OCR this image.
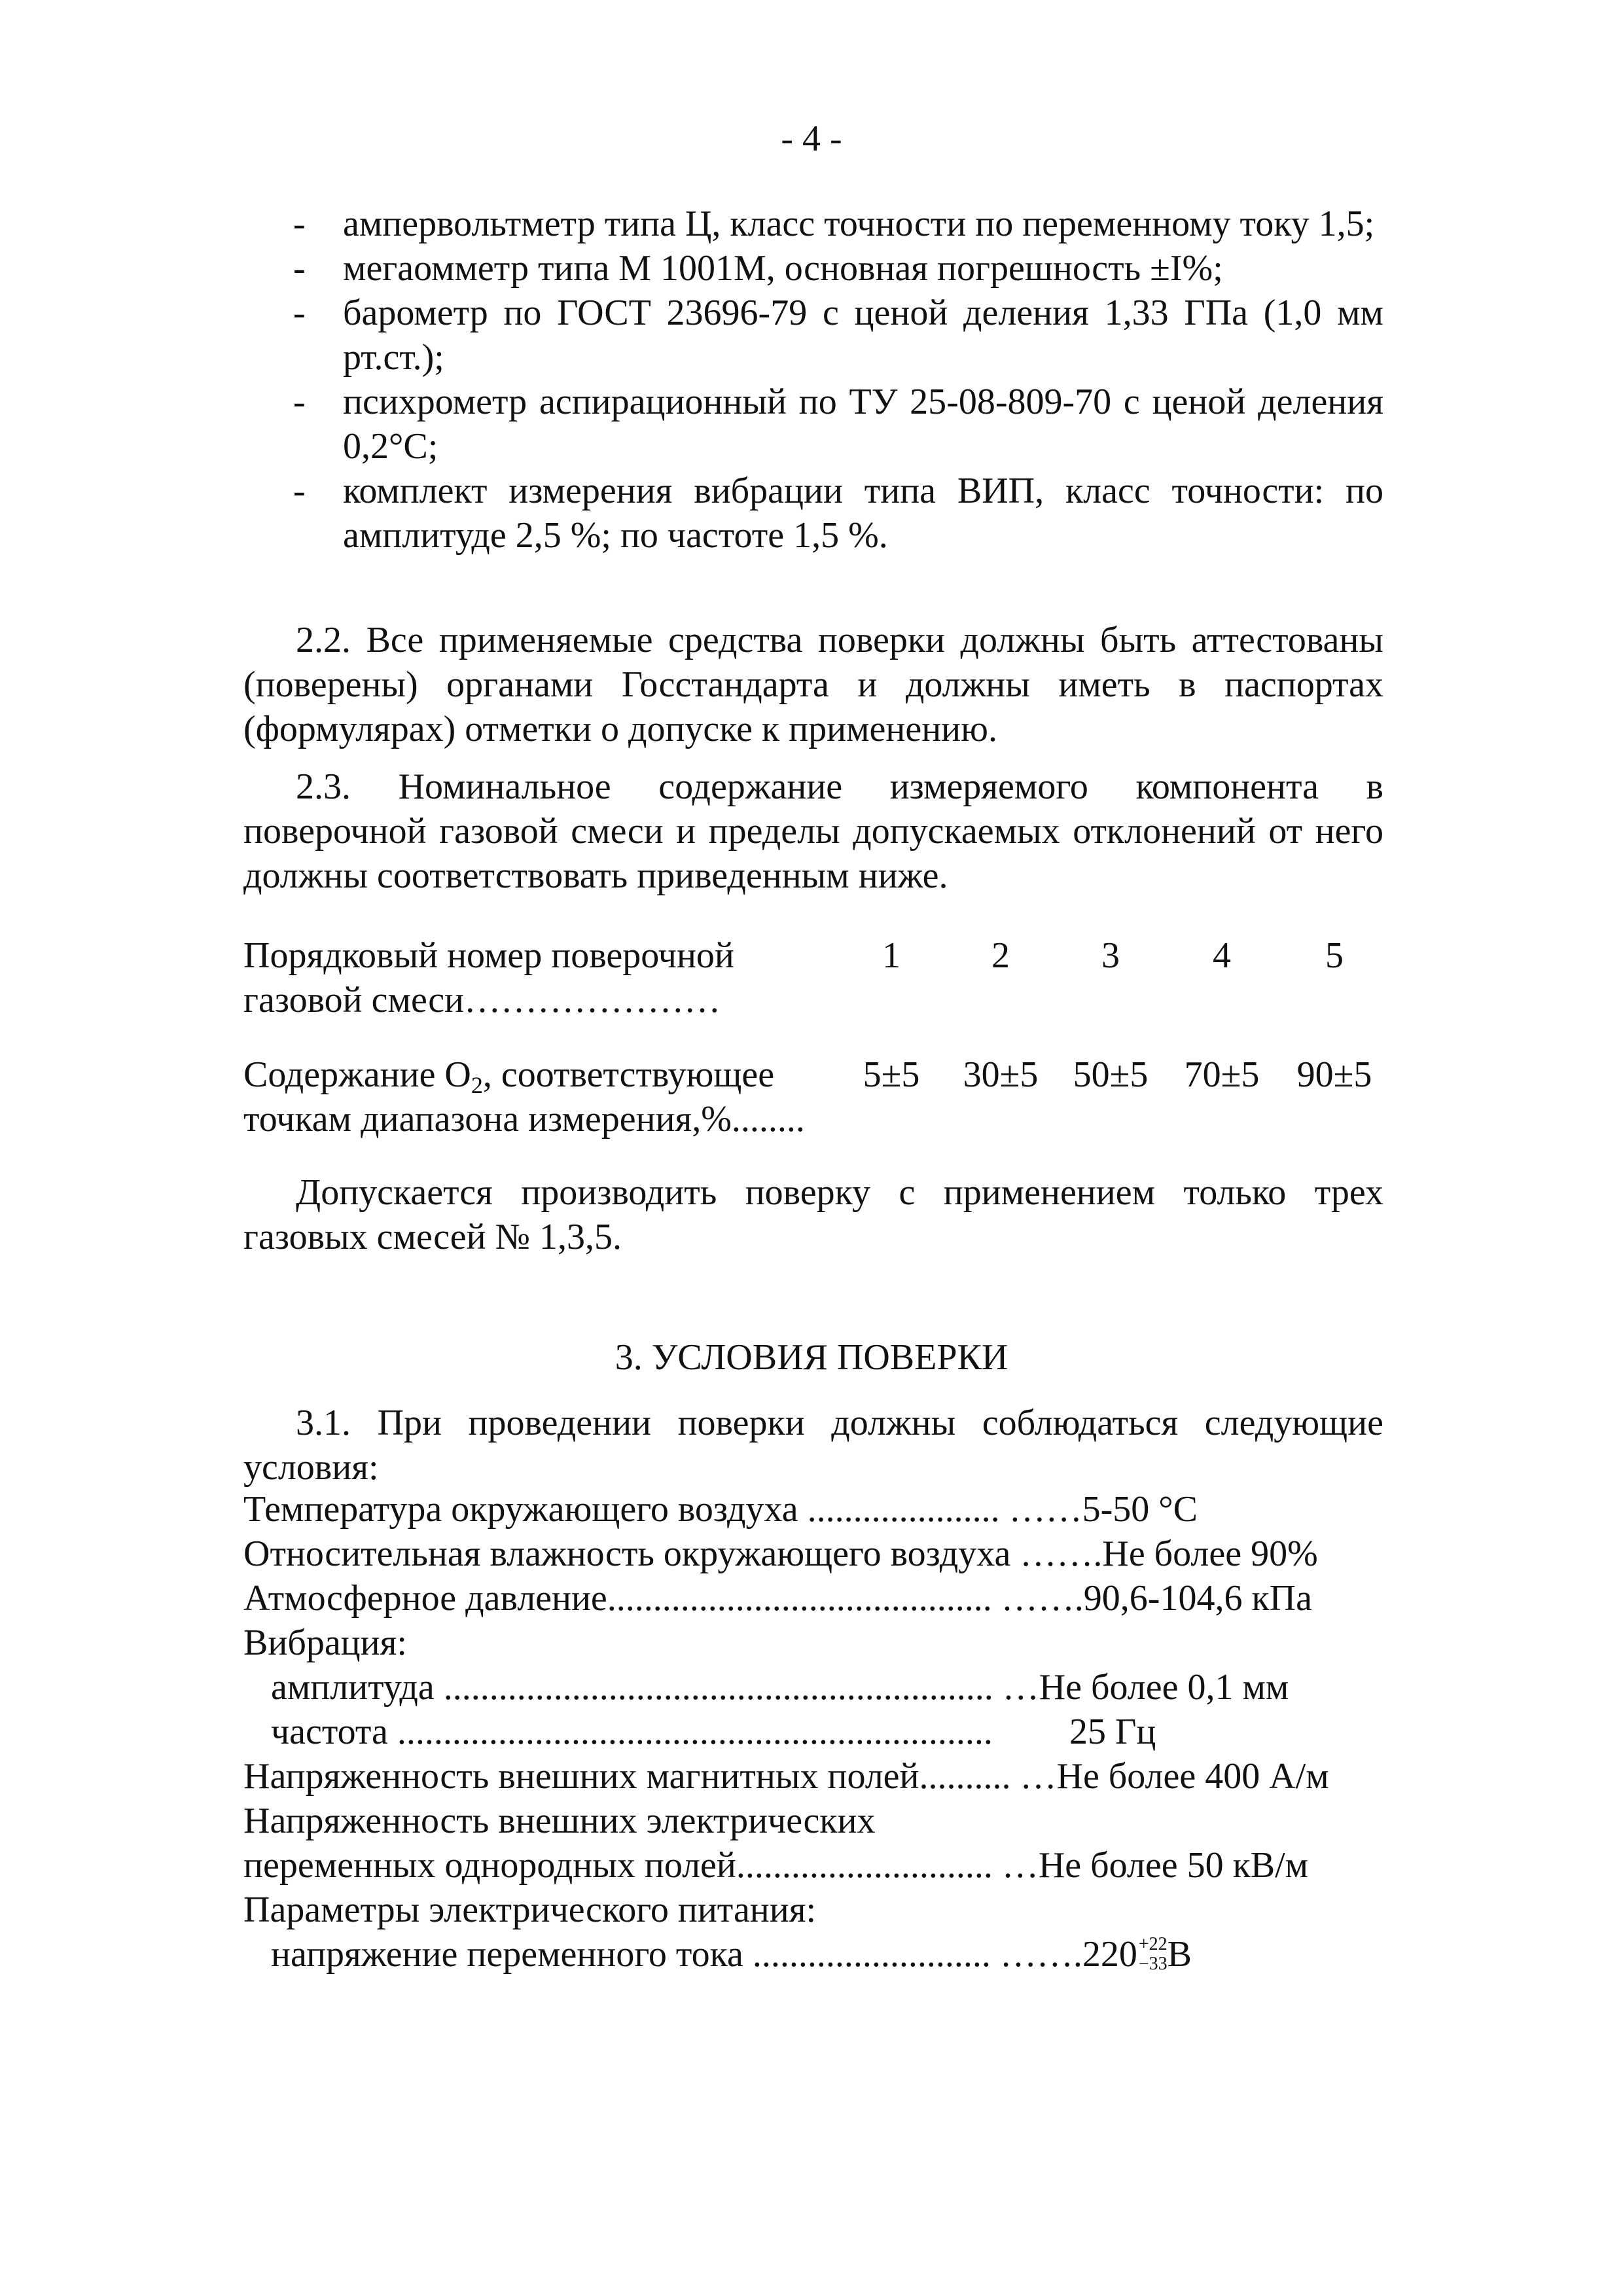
- 4 -
- ампервольтметр типа Ц, класс точности по переменному току 1,5;
- мегаомметр типа М 1001М, основная погрешность ±I%;
- барометр по ГОСТ 23696-79 с ценой деления 1,33 ГПа (1,0 мм рт.ст.);
- психрометр аспирационный по ТУ 25-08-809-70 с ценой деления 0,2°С;
- комплект измерения вибрации типа ВИП, класс точности: по амплитуде 2,5 %; по частоте 1,5 %.

2.2. Все применяемые средства поверки должны быть аттестованы (поверены) органами Госстандарта и должны иметь в паспортах (формулярах) отметки о допуске к применению.

2.3. Номинальное содержание измеряемого компонента в поверочной газовой смеси и пределы допускаемых отклонений от него должны соответствовать приведенным ниже.

Порядковый номер поверочной
газовой смеси…………………
1	2	3	4	5
Содержание $О_2$, соответствующее
точкам диапазона измерения,%........
5±5	30±5 50±5 70±5	90±5

Допускается производить поверку с применением только трех газовых смесей № 1,3,5.

3. УСЛОВИЯ ПОВЕРКИ

3.1. При проведении поверки должны соблюдаться следующие условия:

Температура окружающего воздуха ..................... ……5-50 °С
Относительная влажность окружающего воздуха …….Не более 90%
Атмосферное давление.......................................... …….90,6-104,6 кПа
Вибрация:
амплитуда ............................................................ …Не более 0,1 мм
частота ................................................................. 25 Гц
Напряженность внешних магнитных полей.......... …Не более 400 А/м
Напряженность внешних электрических
переменных однородных полей............................ …Не более 50 кВ/м
Параметры электрического питания:
напряжение переменного тока .......................... …….220 +22
−33 В
